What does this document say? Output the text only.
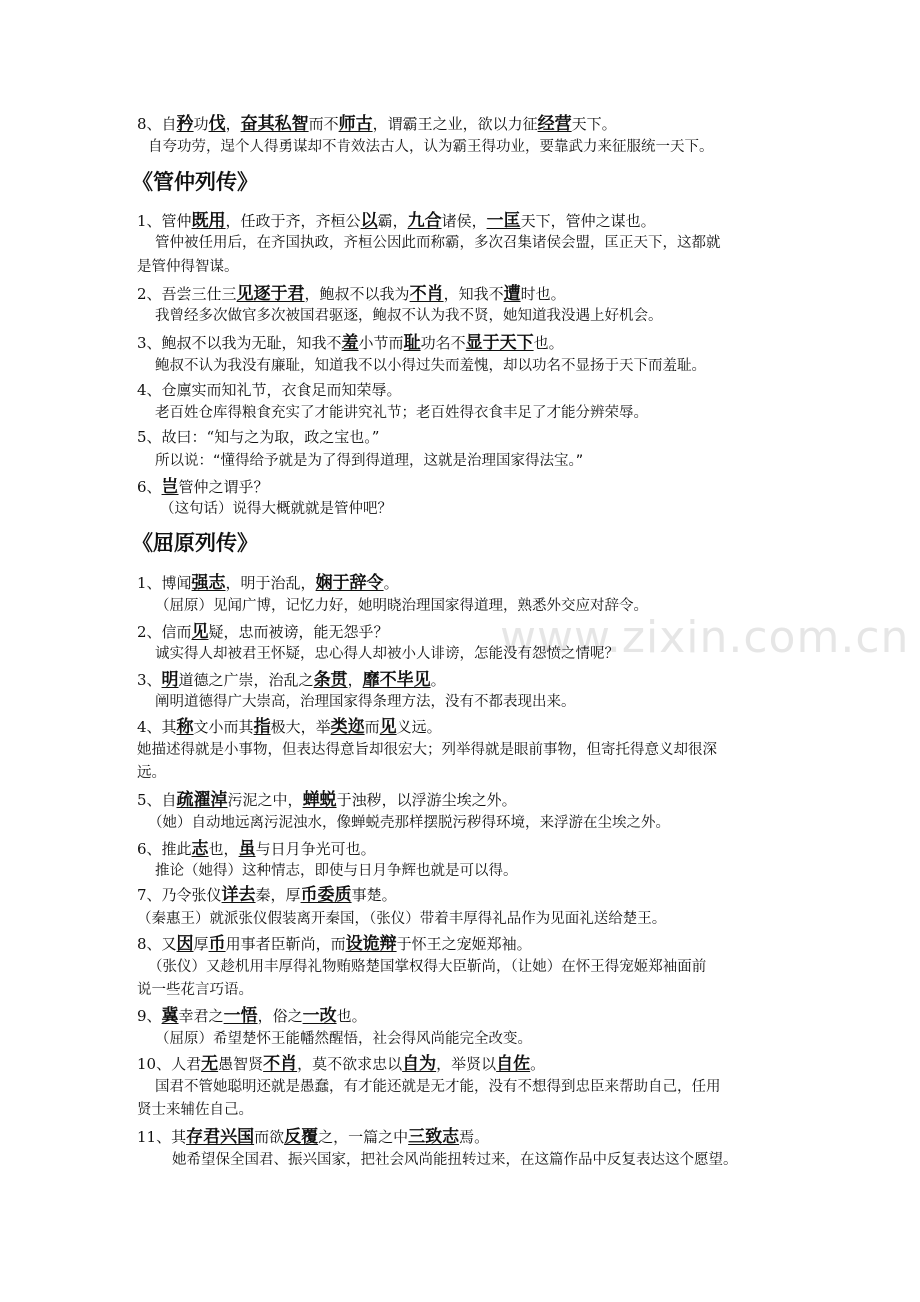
www.zixin.com.cn
8、自矜功伐，奋其私智而不师古，谓霸王之业，欲以力征经营天下。
自夸功劳，逞个人得勇谋却不肯效法古人，认为霸王得功业，要靠武力来征服统一天下。
《管仲列传》
1、管仲既用，任政于齐，齐桓公以霸，九合诸侯，一匡天下，管仲之谋也。
管仲被任用后，在齐国执政，齐桓公因此而称霸，多次召集诸侯会盟，匡正天下，这都就
是管仲得智谋。
2、吾尝三仕三见逐于君，鲍叔不以我为不肖，知我不遭时也。
我曾经多次做官多次被国君驱逐，鲍叔不认为我不贤，她知道我没遇上好机会。
3、鲍叔不以我为无耻，知我不羞小节而耻功名不显于天下也。
鲍叔不认为我没有廉耻，知道我不以小得过失而羞愧，却以功名不显扬于天下而羞耻。
4、仓廪实而知礼节，衣食足而知荣辱。
老百姓仓库得粮食充实了才能讲究礼节；老百姓得衣食丰足了才能分辨荣辱。
5、故曰：“知与之为取，政之宝也。”
所以说：“懂得给予就是为了得到得道理，这就是治理国家得法宝。”
6、岂管仲之谓乎？
（这句话）说得大概就就是管仲吧？
《屈原列传》
1、博闻强志，明于治乱，娴于辞令。
（屈原）见闻广博，记忆力好，她明晓治理国家得道理，熟悉外交应对辞令。
2、信而见疑，忠而被谤，能无怨乎？
诚实得人却被君王怀疑，忠心得人却被小人诽谤，怎能没有怨愤之情呢？
3、明道德之广崇，治乱之条贯，靡不毕见。
阐明道德得广大崇高，治理国家得条理方法，没有不都表现出来。
4、其称文小而其指极大，举类迩而见义远。
她描述得就是小事物，但表达得意旨却很宏大；列举得就是眼前事物，但寄托得意义却很深
远。
5、自疏濯淖污泥之中，蝉蜕于浊秽，以浮游尘埃之外。
（她）自动地远离污泥浊水，像蝉蜕壳那样摆脱污秽得环境，来浮游在尘埃之外。
6、推此志也，虽与日月争光可也。
推论（她得）这种情志，即使与日月争辉也就是可以得。
7、乃令张仪详去秦，厚币委质事楚。
（秦惠王）就派张仪假装离开秦国，（张仪）带着丰厚得礼品作为见面礼送给楚王。
8、又因厚币用事者臣靳尚，而设诡辩于怀王之宠姬郑袖。
（张仪）又趁机用丰厚得礼物贿赂楚国掌权得大臣靳尚，（让她）在怀王得宠姬郑袖面前
说一些花言巧语。
9、冀幸君之一悟，俗之一改也。
（屈原）希望楚怀王能幡然醒悟，社会得风尚能完全改变。
10、人君无愚智贤不肖，莫不欲求忠以自为，举贤以自佐。
国君不管她聪明还就是愚蠢，有才能还就是无才能，没有不想得到忠臣来帮助自己，任用
贤士来辅佐自己。
11、其存君兴国而欲反覆之，一篇之中三致志焉。
她希望保全国君、振兴国家，把社会风尚能扭转过来，在这篇作品中反复表达这个愿望。
